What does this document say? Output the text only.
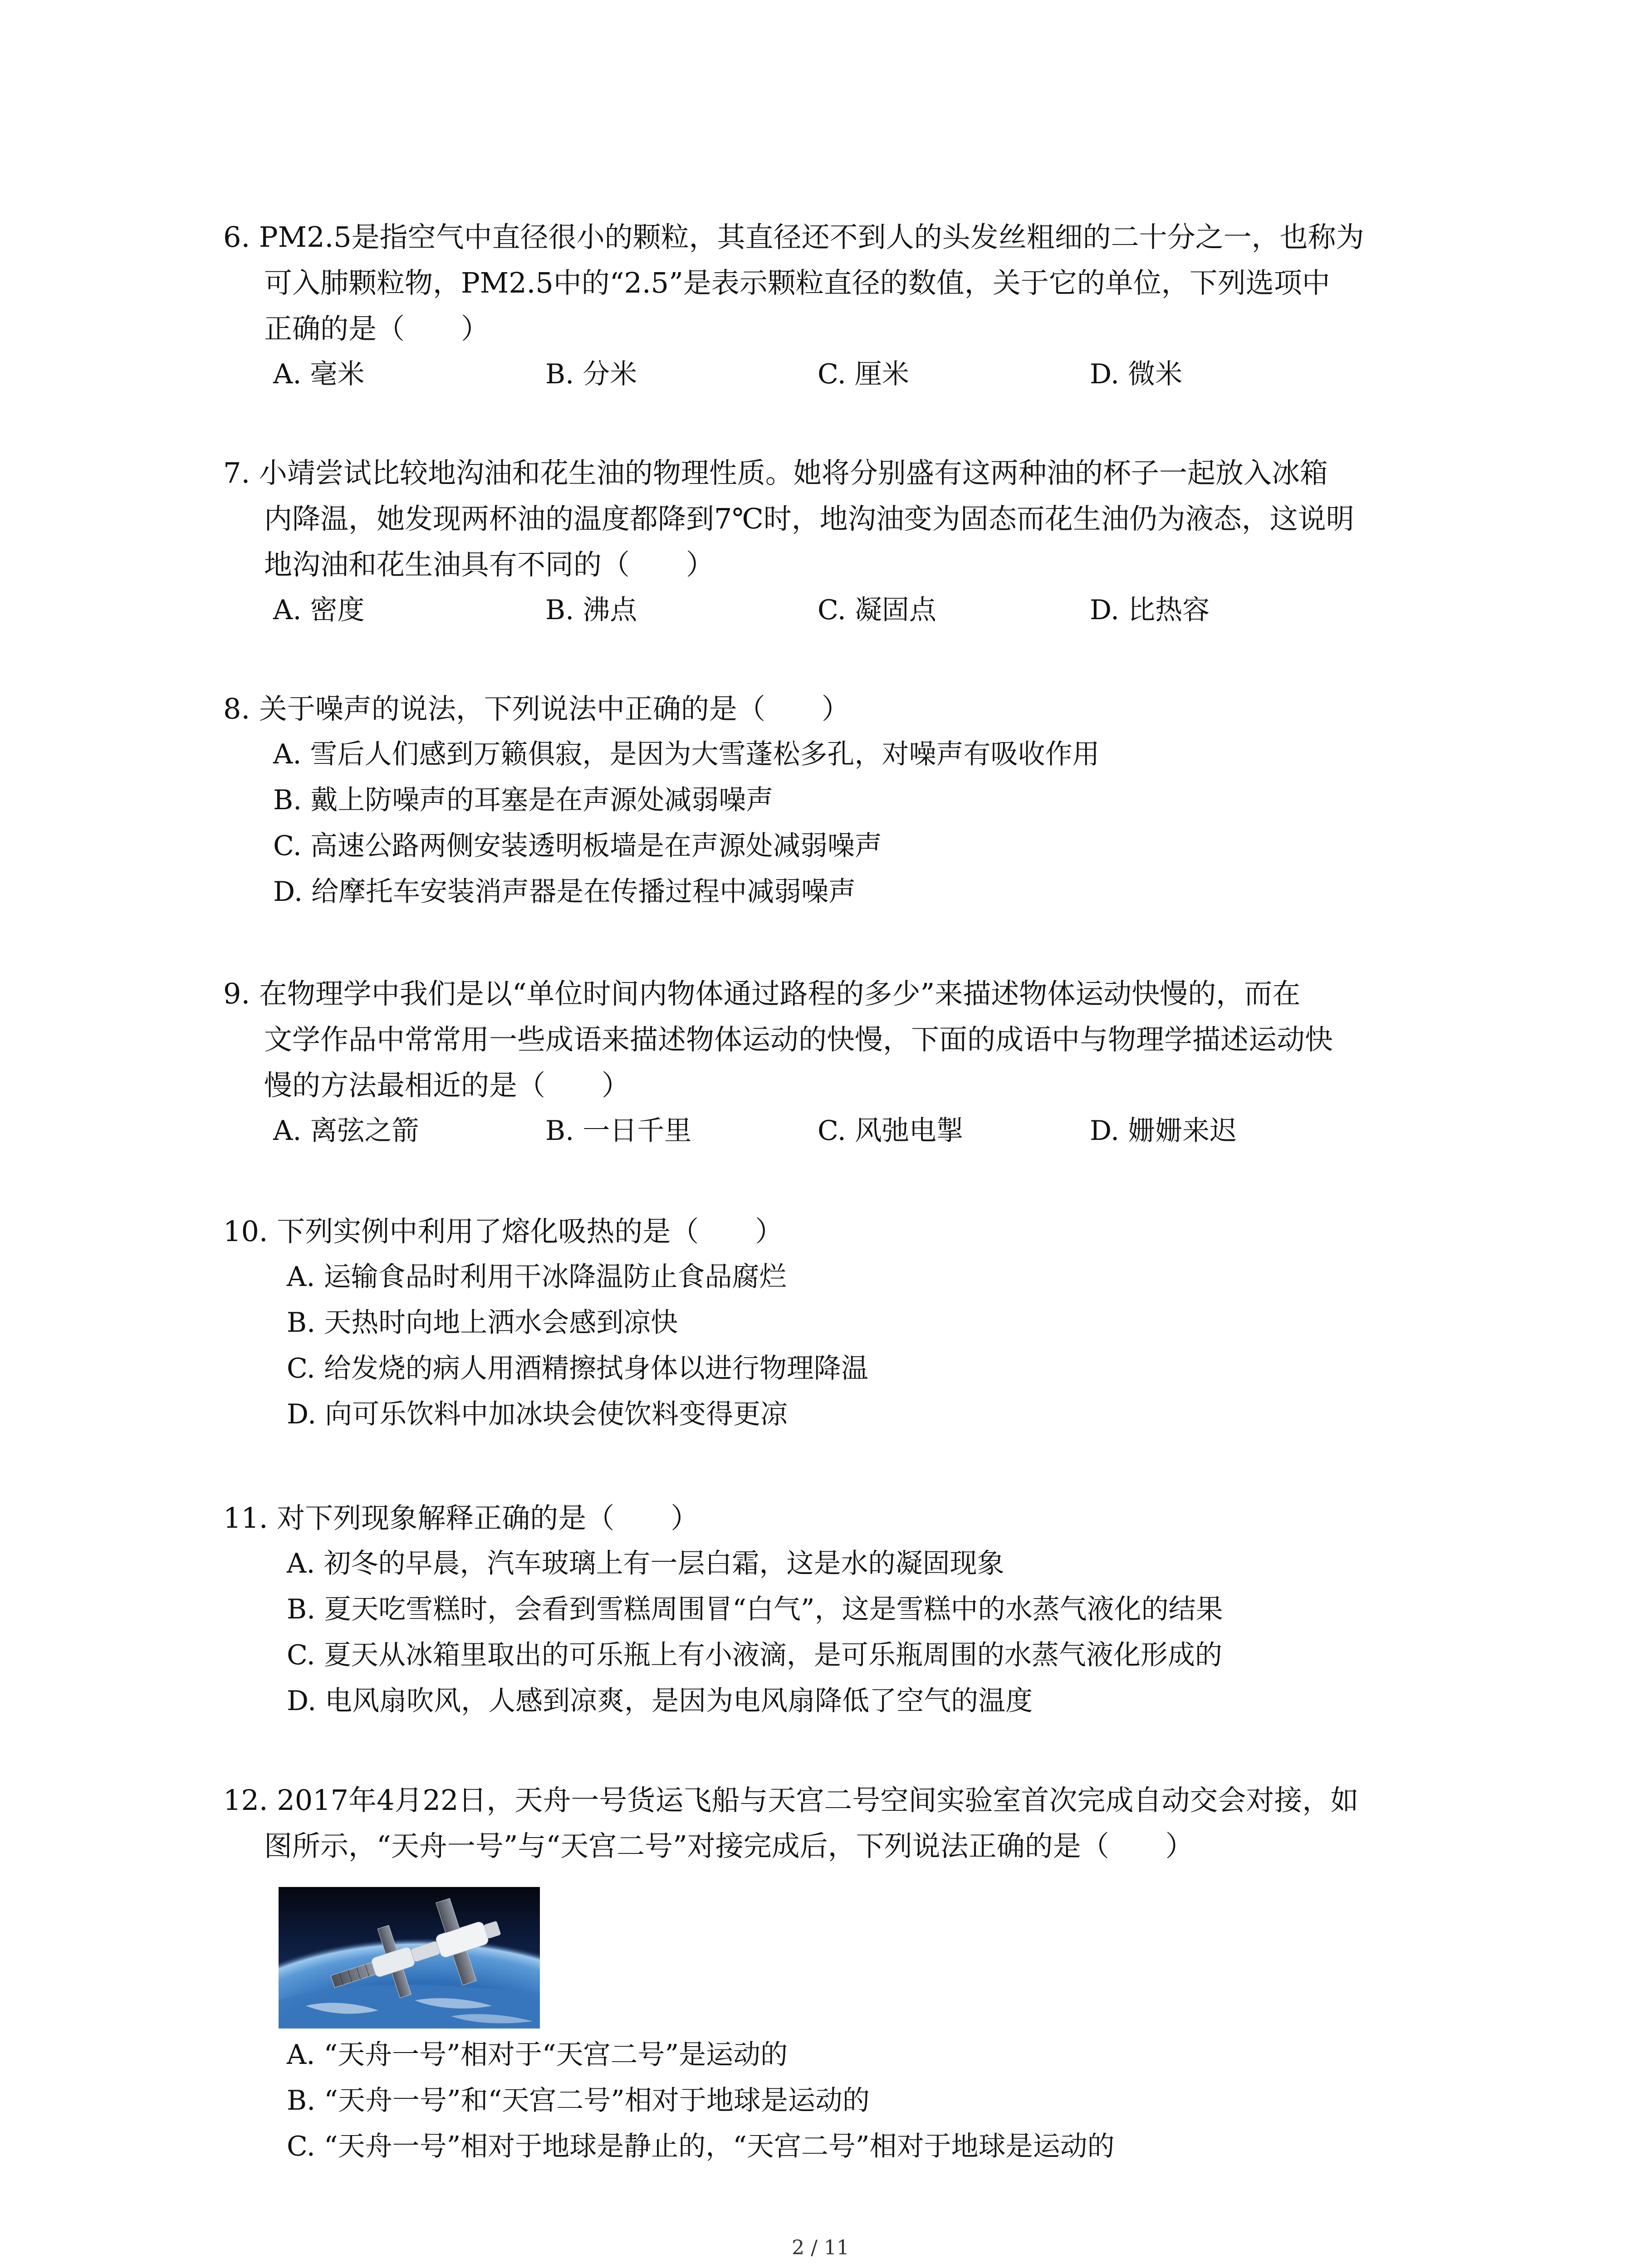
6. PM2.5是指空气中直径很小的颗粒，其直径还不到人的头发丝粗细的二十分之一，也称为
可入肺颗粒物，PM2.5中的“2.5”是表示颗粒直径的数值，关于它的单位，下列选项中
正确的是（　　）
A. 毫米	B. 分米	C. 厘米	D. 微米
7. 小靖尝试比较地沟油和花生油的物理性质。她将分别盛有这两种油的杯子一起放入冰箱
内降温，她发现两杯油的温度都降到7℃时，地沟油变为固态而花生油仍为液态，这说明
地沟油和花生油具有不同的（　　）
A. 密度	B. 沸点	C. 凝固点	D. 比热容
8. 关于噪声的说法，下列说法中正确的是（　　）
A. 雪后人们感到万籁俱寂，是因为大雪蓬松多孔，对噪声有吸收作用
B. 戴上防噪声的耳塞是在声源处减弱噪声
C. 高速公路两侧安装透明板墙是在声源处减弱噪声
D. 给摩托车安装消声器是在传播过程中减弱噪声
9. 在物理学中我们是以“单位时间内物体通过路程的多少”来描述物体运动快慢的，而在
文学作品中常常用一些成语来描述物体运动的快慢，下面的成语中与物理学描述运动快
慢的方法最相近的是（　　）
A. 离弦之箭	B. 一日千里	C. 风弛电掣	D. 姗姗来迟
10. 下列实例中利用了熔化吸热的是（　　）
A. 运输食品时利用干冰降温防止食品腐烂
B. 天热时向地上洒水会感到凉快
C. 给发烧的病人用酒精擦拭身体以进行物理降温
D. 向可乐饮料中加冰块会使饮料变得更凉
11. 对下列现象解释正确的是（　　）
A. 初冬的早晨，汽车玻璃上有一层白霜，这是水的凝固现象
B. 夏天吃雪糕时，会看到雪糕周围冒“白气”，这是雪糕中的水蒸气液化的结果
C. 夏天从冰箱里取出的可乐瓶上有小液滴，是可乐瓶周围的水蒸气液化形成的
D. 电风扇吹风，人感到凉爽，是因为电风扇降低了空气的温度
12. 2017年4月22日，天舟一号货运飞船与天宫二号空间实验室首次完成自动交会对接，如
图所示，“天舟一号”与“天宫二号”对接完成后，下列说法正确的是（　　）
A. “天舟一号”相对于“天宫二号”是运动的
B. “天舟一号”和“天宫二号”相对于地球是运动的
C. “天舟一号”相对于地球是静止的，“天宫二号”相对于地球是运动的
2 / 11
